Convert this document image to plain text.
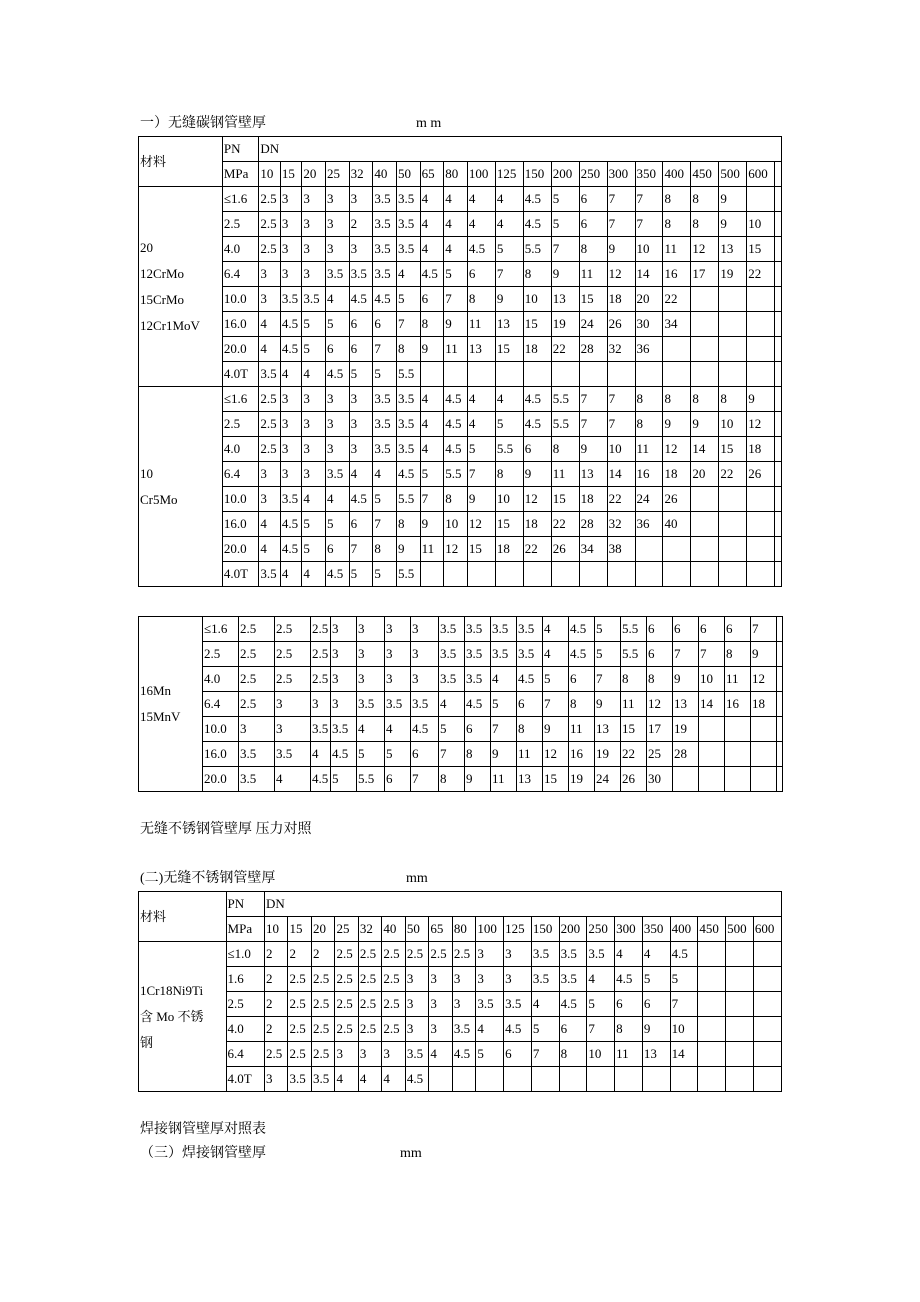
一）无缝碳钢管壁厚	m m
材料	PN	DN																				
	MPa	10	15	20	25	32	40	50	65	80	100	125	150	200	250	300	350	400	450	500	600	

20
12CrMo
15CrMo
12Cr1MoV	≤1.6	2.5	3	3	3	3	3.5	3.5	4	4	4	4	4.5	5	6	7	7	8	8	9		
	2.5	2.5	3	3	3	2	3.5	3.5	4	4	4	4	4.5	5	6	7	7	8	8	9	10	
	4.0	2.5	3	3	3	3	3.5	3.5	4	4	4.5	5	5.5	7	8	9	10	11	12	13	15	
	6.4	3	3	3	3.5	3.5	3.5	4	4.5	5	6	7	8	9	11	12	14	16	17	19	22	
	10.0	3	3.5	3.5	4	4.5	4.5	5	6	7	8	9	10	13	15	18	20	22				
	16.0	4	4.5	5	5	6	6	7	8	9	11	13	15	19	24	26	30	34				
	20.0	4	4.5	5	6	6	7	8	9	11	13	15	18	22	28	32	36					
	4.0T	3.5	4	4	4.5	5	5	5.5														

10
Cr5Mo	≤1.6	2.5	3	3	3	3	3.5	3.5	4	4.5	4	4	4.5	5.5	7	7	8	8	8	8	9	
	2.5	2.5	3	3	3	3	3.5	3.5	4	4.5	4	5	4.5	5.5	7	7	8	9	9	10	12	
	4.0	2.5	3	3	3	3	3.5	3.5	4	4.5	5	5.5	6	8	9	10	11	12	14	15	18	
	6.4	3	3	3	3.5	4	4	4.5	5	5.5	7	8	9	11	13	14	16	18	20	22	26	
	10.0	3	3.5	4	4	4.5	5	5.5	7	8	9	10	12	15	18	22	24	26				
	16.0	4	4.5	5	5	6	7	8	9	10	12	15	18	22	28	32	36	40				
	20.0	4	4.5	5	6	7	8	9	11	12	15	18	22	26	34	38						
	4.0T	3.5	4	4	4.5	5	5	5.5														
16Mn
15MnV	≤1.6	2.5	2.5	2.5	3	3	3	3	3.5	3.5	3.5	3.5	4	4.5	5	5.5	6	6	6	6	7	
	2.5	2.5	2.5	2.5	3	3	3	3	3.5	3.5	3.5	3.5	4	4.5	5	5.5	6	7	7	8	9	
	4.0	2.5	2.5	2.5	3	3	3	3	3.5	3.5	4	4.5	5	6	7	8	8	9	10	11	12	
	6.4	2.5	3	3	3	3.5	3.5	3.5	4	4.5	5	6	7	8	9	11	12	13	14	16	18	
	10.0	3	3	3.5	3.5	4	4	4.5	5	6	7	8	9	11	13	15	17	19				
	16.0	3.5	3.5	4	4.5	5	5	6	7	8	9	11	12	16	19	22	25	28				
	20.0	3.5	4	4.5	5	5.5	6	7	8	9	11	13	15	19	24	26	30					
无缝不锈钢管壁厚 压力对照
(二)无缝不锈钢管壁厚	mm
材料	PN	DN																			
	MPa	10	15	20	25	32	40	50	65	80	100	125	150	200	250	300	350	400	450	500	600

1Cr18Ni9Ti
含 Mo 不锈
钢	≤1.0	2	2	2	2.5	2.5	2.5	2.5	2.5	2.5	3	3	3.5	3.5	3.5	4	4	4.5			
	1.6	2	2.5	2.5	2.5	2.5	2.5	3	3	3	3	3	3.5	3.5	4	4.5	5	5			
	2.5	2	2.5	2.5	2.5	2.5	2.5	3	3	3	3.5	3.5	4	4.5	5	6	6	7			
	4.0	2	2.5	2.5	2.5	2.5	2.5	3	3	3.5	4	4.5	5	6	7	8	9	10			
	6.4	2.5	2.5	2.5	3	3	3	3.5	4	4.5	5	6	7	8	10	11	13	14			
	4.0T	3	3.5	3.5	4	4	4	4.5													
焊接钢管壁厚对照表
（三）焊接钢管壁厚	mm
